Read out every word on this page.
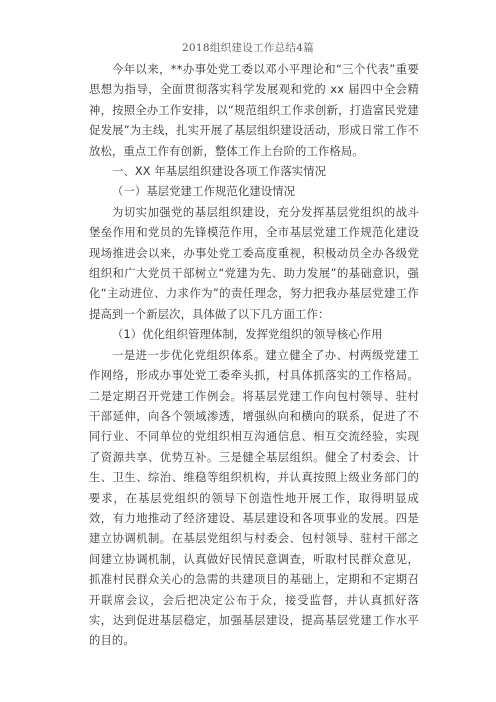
2018组织建设工作总结4篇

今年以来，**办事处党工委以邓小平理论和“三个代表”重要思想为指导，全面贯彻落实科学发展观和党的 xx 届四中全会精神，按照全办工作安排，以“规范组织工作求创新，打造富民党建促发展”为主线，扎实开展了基层组织建设活动，形成日常工作不放松，重点工作有创新，整体工作上台阶的工作格局。

一、XX 年基层组织建设各项工作落实情况

（一）基层党建工作规范化建设情况

为切实加强党的基层组织建设，充分发挥基层党组织的战斗堡垒作用和党员的先锋模范作用，全市基层党建工作规范化建设现场推进会以来，办事处党工委高度重视，积极动员全办各级党组织和广大党员干部树立“党建为先、助力发展”的基础意识，强化“主动进位、力求作为”的责任理念，努力把我办基层党建工作提高到一个新层次，具体做了以下几方面工作：

（1）优化组织管理体制，发挥党组织的领导核心作用

一是进一步优化党组织体系。建立健全了办、村两级党建工作网络，形成办事处党工委牵头抓，村具体抓落实的工作格局。二是定期召开党建工作例会。将基层党建工作向包村领导、驻村干部延伸，向各个领域渗透，增强纵向和横向的联系，促进了不同行业、不同单位的党组织相互沟通信息、相互交流经验，实现了资源共享、优势互补。三是健全基层组织。健全了村委会、计生、卫生、综治、维稳等组织机构，并认真按照上级业务部门的要求，在基层党组织的领导下创造性地开展工作，取得明显成效，有力地推动了经济建设、基层建设和各项事业的发展。四是建立协调机制。在基层党组织与村委会、包村领导、驻村干部之间建立协调机制，认真做好民情民意调查，听取村民群众意见，抓准村民群众关心的急需的共建项目的基础上，定期和不定期召开联席会议，会后把决定公布于众，接受监督，并认真抓好落实，达到促进基层稳定，加强基层建设，提高基层党建工作水平的目的。
